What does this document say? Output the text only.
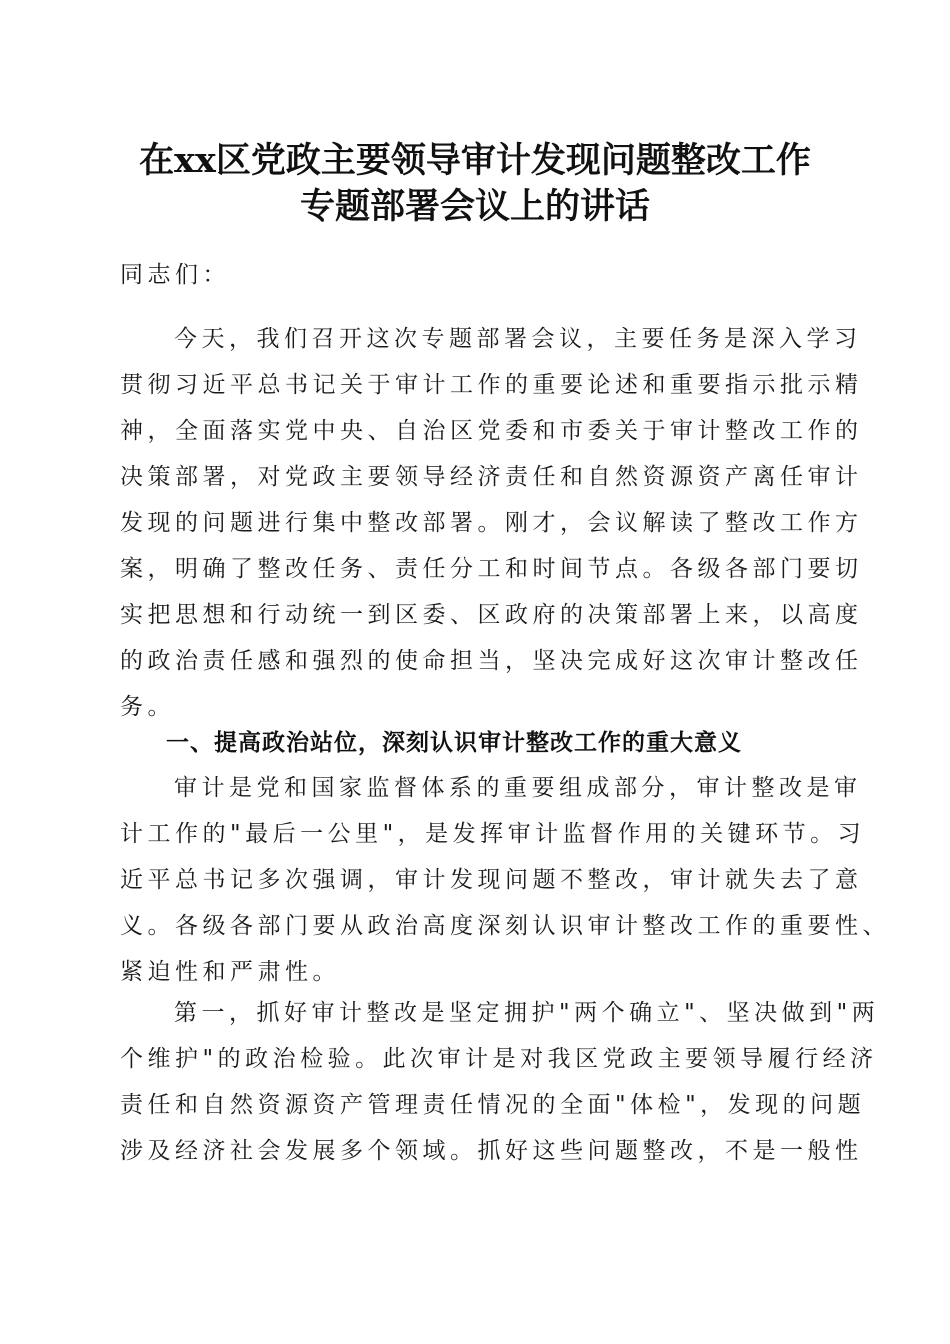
在xx区党政主要领导审计发现问题整改工作
专题部署会议上的讲话
同志们：
今天，我们召开这次专题部署会议，主要任务是深入学习
贯彻习近平总书记关于审计工作的重要论述和重要指示批示精
神，全面落实党中央、自治区党委和市委关于审计整改工作的
决策部署，对党政主要领导经济责任和自然资源资产离任审计
发现的问题进行集中整改部署。刚才，会议解读了整改工作方
案，明确了整改任务、责任分工和时间节点。各级各部门要切
实把思想和行动统一到区委、区政府的决策部署上来，以高度
的政治责任感和强烈的使命担当，坚决完成好这次审计整改任
务。
一、提高政治站位，深刻认识审计整改工作的重大意义
审计是党和国家监督体系的重要组成部分，审计整改是审
计工作的"最后一公里"，是发挥审计监督作用的关键环节。习
近平总书记多次强调，审计发现问题不整改，审计就失去了意
义。各级各部门要从政治高度深刻认识审计整改工作的重要性、
紧迫性和严肃性。
第一，抓好审计整改是坚定拥护"两个确立"、坚决做到"两
个维护"的政治检验。此次审计是对我区党政主要领导履行经济
责任和自然资源资产管理责任情况的全面"体检"，发现的问题
涉及经济社会发展多个领域。抓好这些问题整改，不是一般性
